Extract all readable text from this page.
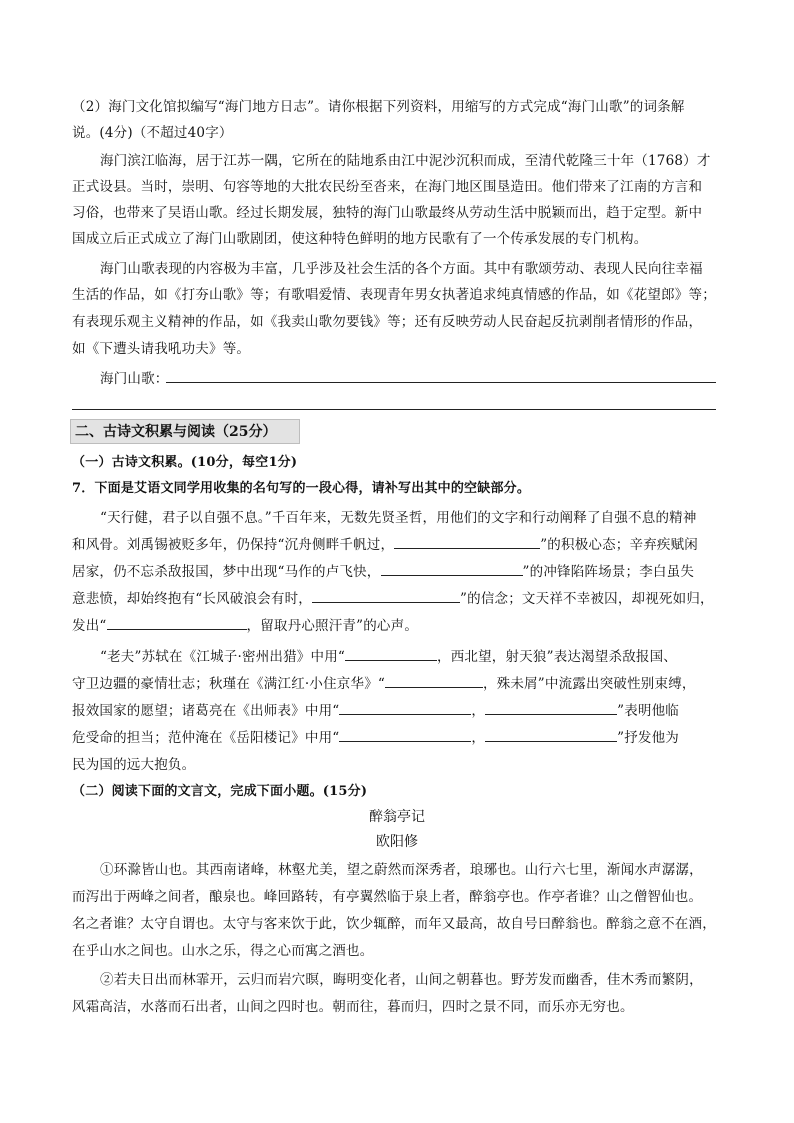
（2）海门文化馆拟编写“海门地方日志”。请你根据下列资料，用缩写的方式完成“海门山歌”的词条解

说。(4分)（不超过40字）

海门滨江临海，居于江苏一隅，它所在的陆地系由江中泥沙沉积而成，至清代乾隆三十年（1768）才

正式设县。当时，崇明、句容等地的大批农民纷至沓来，在海门地区围垦造田。他们带来了江南的方言和

习俗，也带来了吴语山歌。经过长期发展，独特的海门山歌最终从劳动生活中脱颖而出，趋于定型。新中

国成立后正式成立了海门山歌剧团，使这种特色鲜明的地方民歌有了一个传承发展的专门机构。

海门山歌表现的内容极为丰富，几乎涉及社会生活的各个方面。其中有歌颂劳动、表现人民向往幸福

生活的作品，如《打夯山歌》等；有歌唱爱情、表现青年男女执著追求纯真情感的作品，如《花望郎》等；

有表现乐观主义精神的作品，如《我卖山歌勿要钱》等；还有反映劳动人民奋起反抗剥削者情形的作品，

如《下遭头请我吼功夫》等。

海门山歌：
二、古诗文积累与阅读（25分）

（一）古诗文积累。(10分，每空1分)

7．下面是艾语文同学用收集的名句写的一段心得，请补写出其中的空缺部分。

“天行健，君子以自强不息。”千百年来，无数先贤圣哲，用他们的文字和行动阐释了自强不息的精神

和风骨。刘禹锡被贬多年，仍保持“沉舟侧畔千帆过，	”的积极心态；辛弃疾赋闲

居家，仍不忘杀敌报国，梦中出现“马作的卢飞快，	”的冲锋陷阵场景；李白虽失

意悲愤，却始终抱有“长风破浪会有时，	”的信念；文天祥不幸被囚，却视死如归，

发出“	，留取丹心照汗青”的心声。

“老夫”苏轼在《江城子·密州出猎》中用“	，西北望，射天狼”表达渴望杀敌报国、

守卫边疆的豪情壮志；秋瑾在《满江红·小住京华》“	，殊未屑”中流露出突破性别束缚，

报效国家的愿望；诸葛亮在《出师表》中用“	，	”表明他临

危受命的担当；范仲淹在《岳阳楼记》中用“	，	”抒发他为

民为国的远大抱负。

（二）阅读下面的文言文，完成下面小题。(15分)

醉翁亭记
欧阳修

①环滁皆山也。其西南诸峰，林壑尤美，望之蔚然而深秀者，琅琊也。山行六七里，渐闻水声潺潺，

而泻出于两峰之间者，酿泉也。峰回路转，有亭翼然临于泉上者，醉翁亭也。作亭者谁？山之僧智仙也。

名之者谁？太守自谓也。太守与客来饮于此，饮少辄醉，而年又最高，故自号曰醉翁也。醉翁之意不在酒，

在乎山水之间也。山水之乐，得之心而寓之酒也。

②若夫日出而林霏开，云归而岩穴暝，晦明变化者，山间之朝暮也。野芳发而幽香，佳木秀而繁阴，

风霜高洁，水落而石出者，山间之四时也。朝而往，暮而归，四时之景不同，而乐亦无穷也。
